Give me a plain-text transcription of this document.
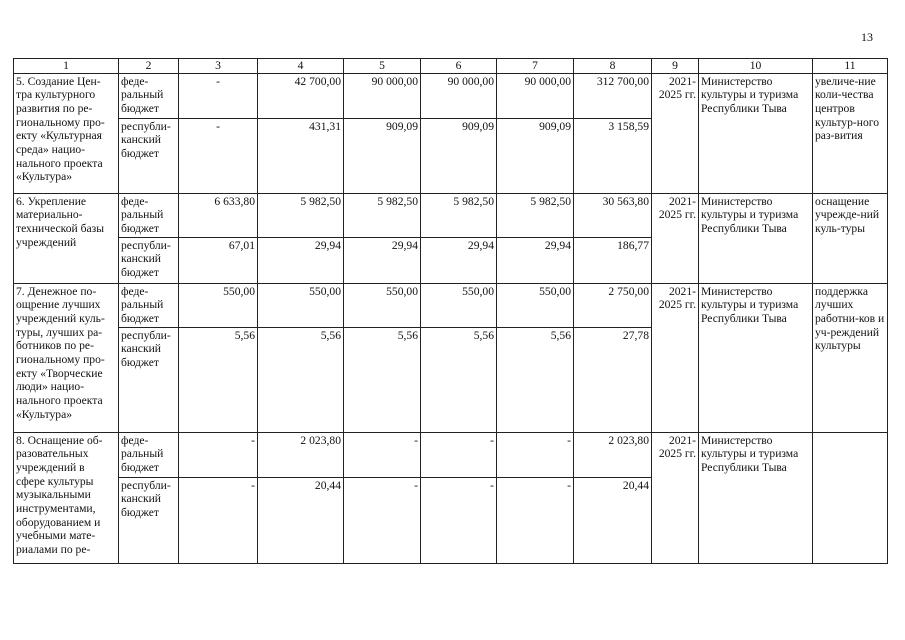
13
1	2	3	4	5	6	7	8	9	10	11
5. Создание Цен-тра культурного развития по ре-гиональному про-екту «Культурная среда» нацио-нального проекта «Культура»	феде-ральный бюджет	-	42 700,00	90 000,00	90 000,00	90 000,00	312 700,00	2021-2025 гг.	Министерство культуры и туризма Республики Тыва	увеличе-ние коли-чества центров культур-ного раз-вития
	республи-канский бюджет	-	431,31	909,09	909,09	909,09	3 158,59			
6. Укрепление материально-технической базы учреждений	феде-ральный бюджет	6 633,80	5 982,50	5 982,50	5 982,50	5 982,50	30 563,80	2021-2025 гг.	Министерство культуры и туризма Республики Тыва	оснащение учрежде-ний куль-туры
	республи-канский бюджет	67,01	29,94	29,94	29,94	29,94	186,77			
7. Денежное по-ощрение лучших учреждений куль-туры, лучших ра-ботников по ре-гиональному про-екту «Творческие люди» нацио-нального проекта «Культура»	феде-ральный бюджет	550,00	550,00	550,00	550,00	550,00	2 750,00	2021-2025 гг.	Министерство культуры и туризма Республики Тыва	поддержка лучших работни-ков и уч-реждений культуры
	республи-канский бюджет	5,56	5,56	5,56	5,56	5,56	27,78			
8. Оснащение об-разовательных учреждений в сфере культуры музыкальными инструментами, оборудованием и учебными мате-риалами по ре-	феде-ральный бюджет	-	2 023,80	-	-	-	2 023,80	2021-2025 гг.	Министерство культуры и туризма Республики Тыва	
	республи-канский бюджет	-	20,44	-	-	-	20,44			
